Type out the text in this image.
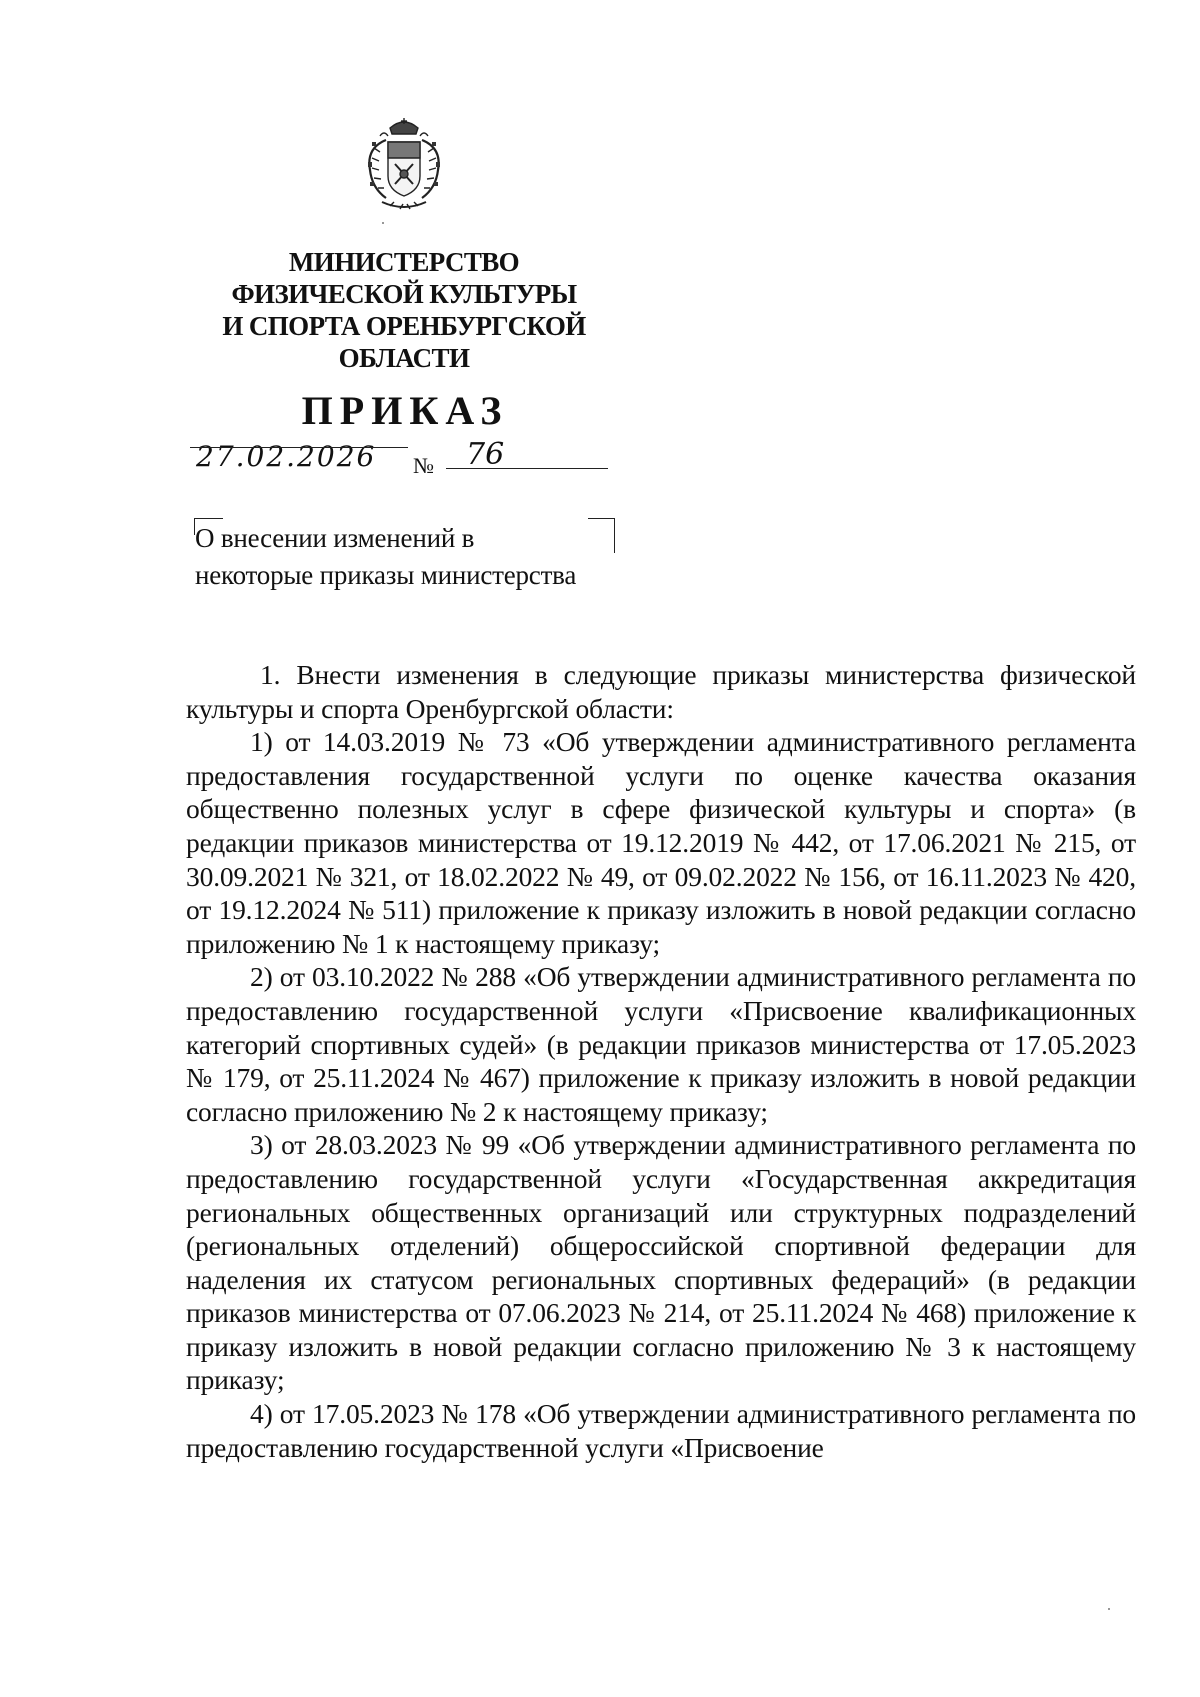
МИНИСТЕРСТВО
ФИЗИЧЕСКОЙ КУЛЬТУРЫ
И СПОРТА ОРЕНБУРГСКОЙ
ОБЛАСТИ
ПРИКАЗ
27.02.2026	№ 76
О внесении изменений в
некоторые приказы министерства

1. Внести изменения в следующие приказы министерства физической культуры и спорта Оренбургской области:

1) от 14.03.2019 № 73 «Об утверждении административного регламента предоставления государственной услуги по оценке качества оказания общественно полезных услуг в сфере физической культуры и спорта» (в редакции приказов министерства от 19.12.2019 № 442, от 17.06.2021 № 215, от 30.09.2021 № 321, от 18.02.2022 № 49, от 09.02.2022 № 156, от 16.11.2023 № 420, от 19.12.2024 № 511) приложение к приказу изложить в новой редакции согласно приложению № 1 к настоящему приказу;

2) от 03.10.2022 № 288 «Об утверждении административного регламента по предоставлению государственной услуги «Присвоение квалификационных категорий спортивных судей» (в редакции приказов министерства от 17.05.2023 № 179, от 25.11.2024 № 467) приложение к приказу изложить в новой редакции согласно приложению № 2 к настоящему приказу;

3) от 28.03.2023 № 99 «Об утверждении административного регламента по предоставлению государственной услуги «Государственная аккредитация региональных общественных организаций или структурных подразделений (региональных отделений) общероссийской спортивной федерации для наделения их статусом региональных спортивных федераций» (в редакции приказов министерства от 07.06.2023 № 214, от 25.11.2024 № 468) приложение к приказу изложить в новой редакции согласно приложению № 3 к настоящему приказу;

4) от 17.05.2023 № 178 «Об утверждении административного регламента по предоставлению государственной услуги «Присвоение
